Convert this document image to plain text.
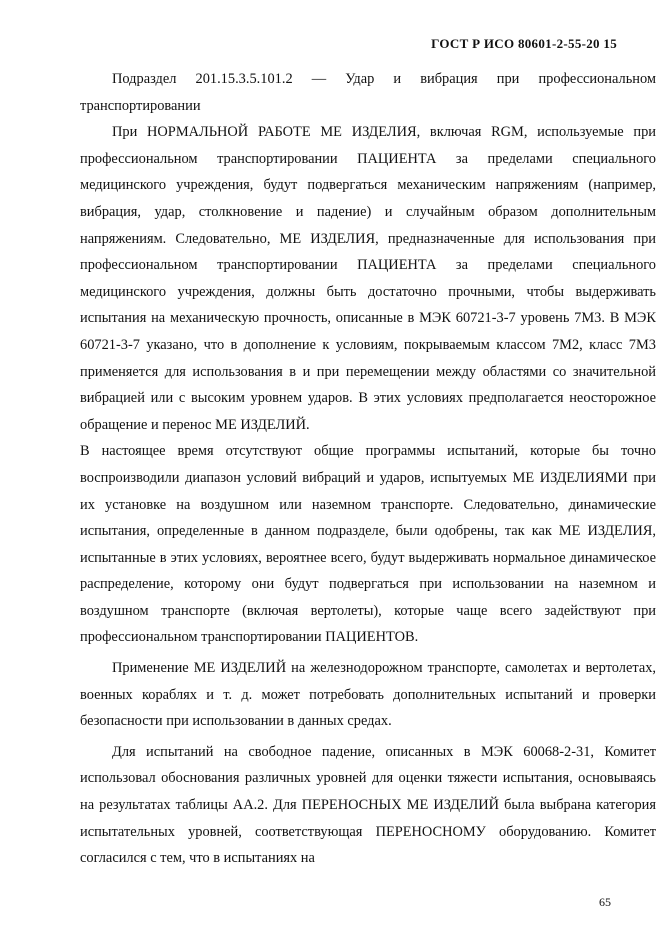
ГОСТ Р ИСО 80601-2-55-20 15

Подраздел 201.15.3.5.101.2 — Удар и вибрация при профессиональном транспортировании

При НОРМАЛЬНОЙ РАБОТЕ МЕ ИЗДЕЛИЯ, включая RGM, используемые при профессиональном транспортировании ПАЦИЕНТА за пределами специального медицинского учреждения, будут подвергаться механическим напряжениям (например, вибрация, удар, столкновение и падение) и случайным образом дополнительным напряжениям. Следовательно, МЕ ИЗДЕЛИЯ, предназначенные для использования при профессиональном транспортировании ПАЦИЕНТА за пределами специального медицинского учреждения, должны быть достаточно прочными, чтобы выдерживать испытания на механическую прочность, описанные в МЭК 60721-3-7 уровень 7М3. В МЭК 60721-3-7 указано, что в дополнение к условиям, покрываемым классом 7М2, класс 7М3 применяется для использования в и при перемещении между областями со значительной вибрацией или с высоким уровнем ударов. В этих условиях предполагается неосторожное обращение и перенос МЕ ИЗДЕЛИЙ.

В настоящее время отсутствуют общие программы испытаний, которые бы точно воспроизводили диапазон условий вибраций и ударов, испытуемых МЕ ИЗДЕЛИЯМИ при их установке на воздушном или наземном транспорте. Следовательно, динамические испытания, определенные в данном подразделе, были одобрены, так как МЕ ИЗДЕЛИЯ, испытанные в этих условиях, вероятнее всего, будут выдерживать нормальное динамическое распределение, которому они будут подвергаться при использовании на наземном и воздушном транспорте (включая вертолеты), которые чаще всего задействуют при профессиональном транспортировании ПАЦИЕНТОВ.

Применение МЕ ИЗДЕЛИЙ на железнодорожном транспорте, самолетах и вертолетах, военных кораблях и т. д. может потребовать дополнительных испытаний и проверки безопасности при использовании в данных средах.

Для испытаний на свободное падение, описанных в МЭК 60068-2-31, Комитет использовал обоснования различных уровней для оценки тяжести испытания, основываясь на результатах таблицы АА.2. Для ПЕРЕНОСНЫХ МЕ ИЗДЕЛИЙ была выбрана категория испытательных уровней, соответствующая ПЕРЕНОСНОМУ оборудованию. Комитет согласился с тем, что в испытаниях на

65
